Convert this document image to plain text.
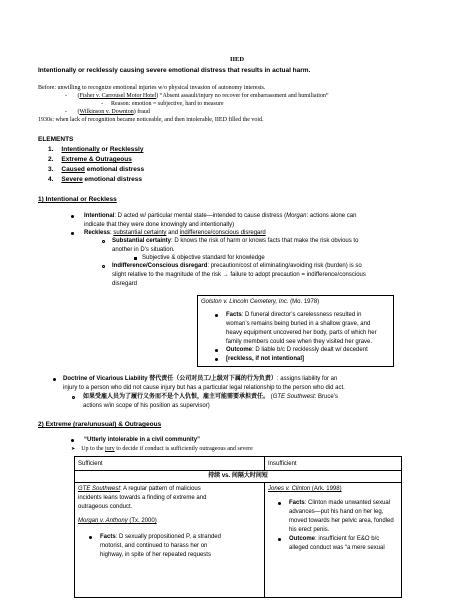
IIED
Intentionally or recklessly causing severe emotional distress that results in actual harm.
Before: unwilling to recognize emotional injuries w/o physical invasion of autonomy interests.
- (Fisher v. Carrousel Motor Hotel) “Absent assault/injury no recover for embarrassment and humiliation”
- Reason: emotion = subjective, hard to measure
- (Wilkinson v. Downton) fraud
1930s: when lack of recognition became noticeable, and then intolerable, IIED filled the void.
ELEMENTS
1. Intentionally or Recklessly
2. Extreme & Outrageous
3. Caused emotional distress
4. Severe emotional distress
1) Intentional or Reckless
Intentional: D acted w/ particular mental state—intended to cause distress (Morgan: actions alone can
indicate that they were done knowingly and intentionally)
Reckless: substantial certainty and indifference/conscious disregard
Substantial certainty: D knows the risk of harm or knows facts that make the risk obvious to
another in D’s situation.
Subjective & objective standard for knowledge
Indifference/Conscious disregard: precaution/cost of eliminating/avoiding risk (burden) is so
slight relative to the magnitude of the risk → failure to adopt precaution = indifference/conscious
disregard
Golston v. Lincoln Cemetery, Inc. (Mo. 1978)
Facts: D funeral director’s carelessness resulted in
woman’s remains being buried in a shallow grave, and
heavy equipment uncovered her body, parts of which her
family members could see when they visited her grave.
Outcome: D liable b/c D recklessly dealt w/ decedent
[reckless, if not intentional]
Doctrine of Vicarious Liability 替代责任（公司对员工/上级对下属的行为负责）: assigns liability for an
injury to a person who did not cause injury but has a particular legal relationship to the person who did act.
如果受雇人员为了履行义务而不是个人仇恨，雇主可能需要承担责任。 (GTE Southwest: Bruce’s
actions w/in scope of his position as supervisor)
2) Extreme (rare/unusual) & Outrageous
“Utterly intolerable in a civil community”
➤ Up to the jury to decide if conduct is sufficiently outrageous and severe
Sufficient	Insufficient
持续 vs. 间隔大时间短
GTE Southwest: A regular pattern of malicious
incidents leans towards a finding of extreme and
outrageous conduct.
Morgan v. Anthony (Tx. 2000)
Facts: D sexually propositioned P, a stranded
motorist, and continued to harass her on
highway, in spite of her repeated requests
Jones v. Clinton (Ark. 1998)
Facts: Clinton made unwanted sexual
advances—put his hand on her leg,
moved towards her pelvic area, fondled
his erect penis.
Outcome: insufficient for E&O b/c
alleged conduct was “a mere sexual
